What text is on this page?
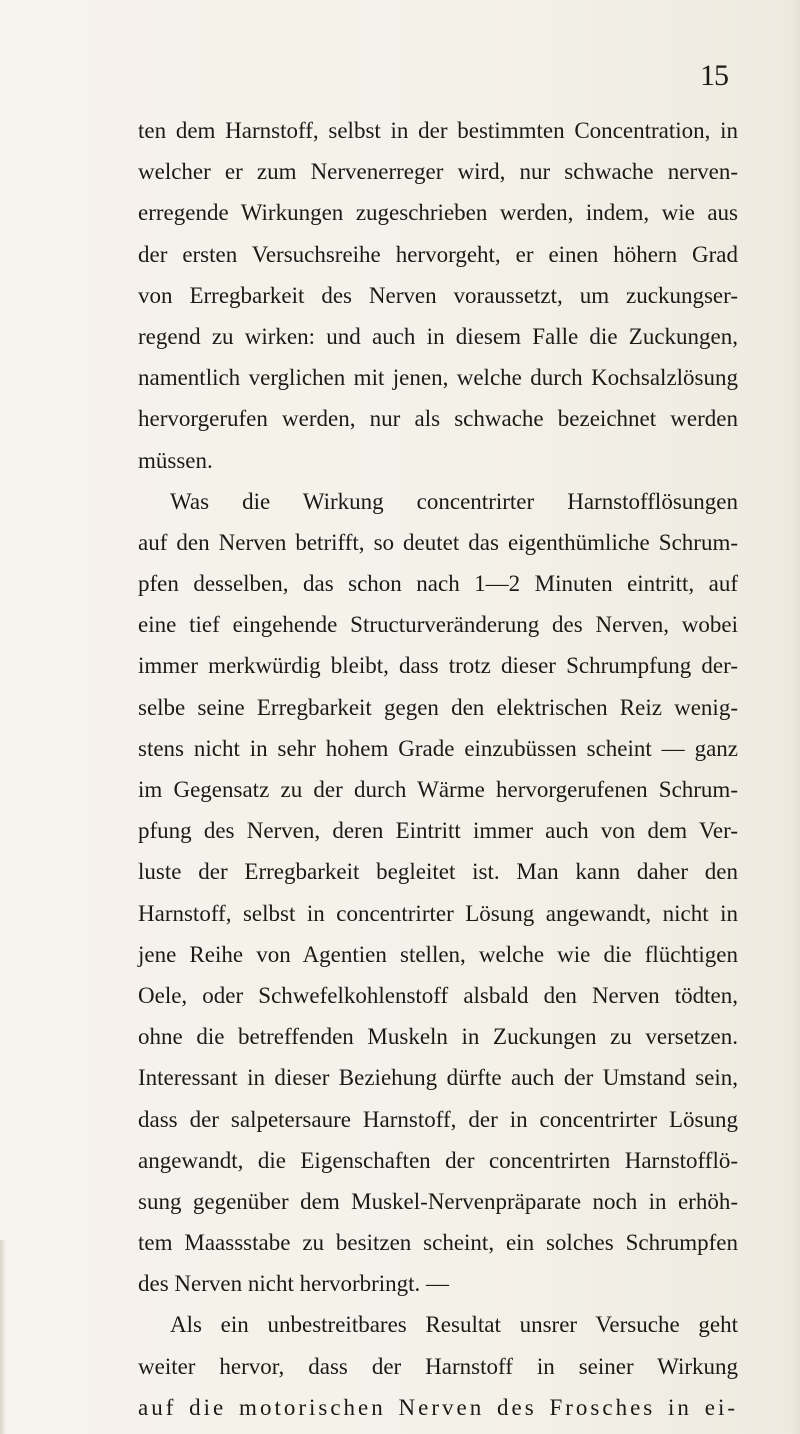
15
ten dem Harnstoff, selbst in der bestimmten Concentration, in
welcher er zum Nervenerreger wird, nur schwache nerven-
erregende Wirkungen zugeschrieben werden, indem, wie aus
der ersten Versuchsreihe hervorgeht, er einen höhern Grad
von Erregbarkeit des Nerven voraussetzt, um zuckungser-
regend zu wirken: und auch in diesem Falle die Zuckungen,
namentlich verglichen mit jenen, welche durch Kochsalzlösung
hervorgerufen werden, nur als schwache bezeichnet werden
müssen.
Was die Wirkung concentrirter Harnstofflösungen
auf den Nerven betrifft, so deutet das eigenthümliche Schrum-
pfen desselben, das schon nach 1—2 Minuten eintritt, auf
eine tief eingehende Structurveränderung des Nerven, wobei
immer merkwürdig bleibt, dass trotz dieser Schrumpfung der-
selbe seine Erregbarkeit gegen den elektrischen Reiz wenig-
stens nicht in sehr hohem Grade einzubüssen scheint — ganz
im Gegensatz zu der durch Wärme hervorgerufenen Schrum-
pfung des Nerven, deren Eintritt immer auch von dem Ver-
luste der Erregbarkeit begleitet ist. Man kann daher den
Harnstoff, selbst in concentrirter Lösung angewandt, nicht in
jene Reihe von Agentien stellen, welche wie die flüchtigen
Oele, oder Schwefelkohlenstoff alsbald den Nerven tödten,
ohne die betreffenden Muskeln in Zuckungen zu versetzen.
Interessant in dieser Beziehung dürfte auch der Umstand sein,
dass der salpetersaure Harnstoff, der in concentrirter Lösung
angewandt, die Eigenschaften der concentrirten Harnstofflö-
sung gegenüber dem Muskel-Nervenpräparate noch in erhöh-
tem Maassstabe zu besitzen scheint, ein solches Schrumpfen
des Nerven nicht hervorbringt. —
Als ein unbestreitbares Resultat unsrer Versuche geht
weiter hervor, dass der Harnstoff in seiner Wirkung
auf die motorischen Nerven des Frosches in ei-
